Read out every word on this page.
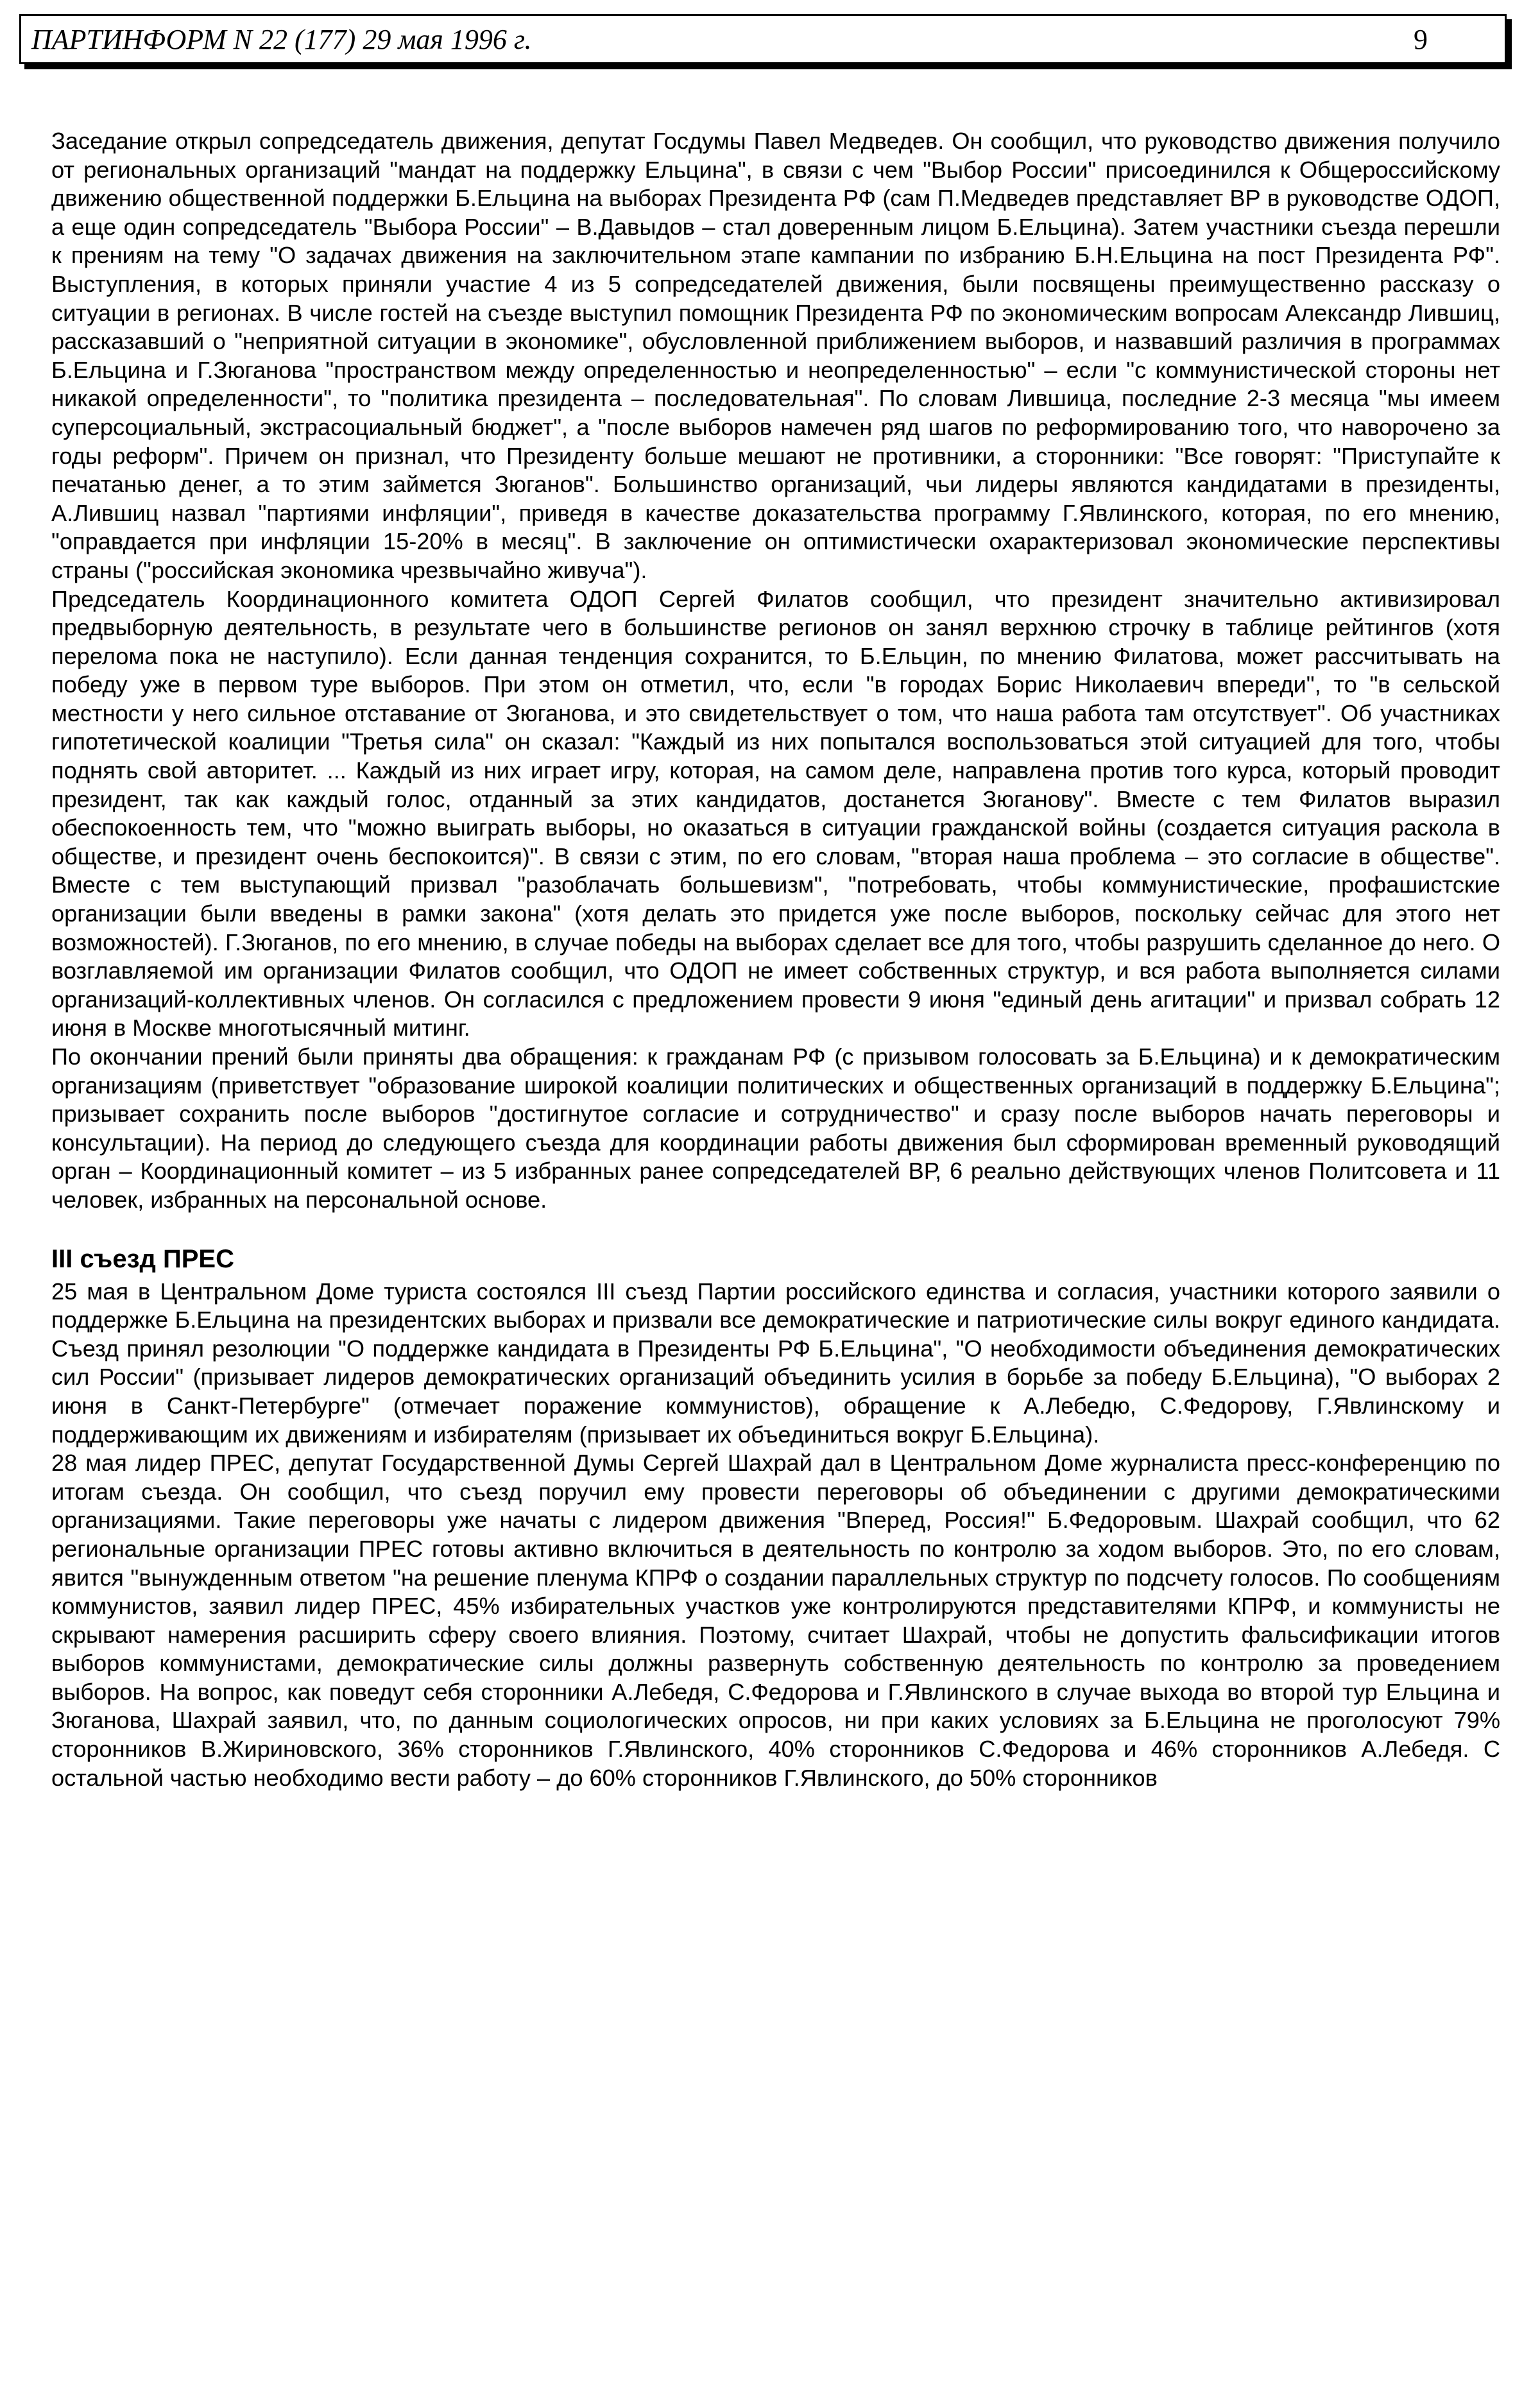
ПАРТИНФОРМ N 22 (177) 29 мая 1996 г.	9

Заседание открыл сопредседатель движения, депутат Госдумы Павел Медведев. Он сообщил, что руководство движения получило от региональных организаций "мандат на поддержку Ельцина", в связи с чем "Выбор России" присоединился к Общероссийскому движению общественной поддержки Б.Ельцина на выборах Президента РФ (сам П.Медведев представляет ВР в руководстве ОДОП, а еще один сопредседатель "Выбора России" – В.Давыдов – стал доверенным лицом Б.Ельцина). Затем участники съезда перешли к прениям на тему "О задачах движения на заключительном этапе кампании по избранию Б.Н.Ельцина на пост Президента РФ". Выступления, в которых приняли участие 4 из 5 сопредседателей движения, были посвящены преимущественно рассказу о ситуации в регионах. В числе гостей на съезде выступил помощник Президента РФ по экономическим вопросам Александр Лившиц, рассказавший о "неприятной ситуации в экономике", обусловленной приближением выборов, и назвавший различия в программах Б.Ельцина и Г.Зюганова "пространством между определенностью и неопределенностью" – если "с коммунистической стороны нет никакой определенности", то "политика президента – последовательная". По словам Лившица, последние 2-3 месяца "мы имеем суперсоциальный, экстрасоциальный бюджет", а "после выборов намечен ряд шагов по реформированию того, что наворочено за годы реформ". Причем он признал, что Президенту больше мешают не противники, а сторонники: "Все говорят: "Приступайте к печатанью денег, а то этим займется Зюганов". Большинство организаций, чьи лидеры являются кандидатами в президенты, А.Лившиц назвал "партиями инфляции", приведя в качестве доказательства программу Г.Явлинского, которая, по его мнению, "оправдается при инфляции 15-20% в месяц". В заключение он оптимистически охарактеризовал экономические перспективы страны ("российская экономика чрезвычайно живуча").

Председатель Координационного комитета ОДОП Сергей Филатов сообщил, что президент значительно активизировал предвыборную деятельность, в результате чего в большинстве регионов он занял верхнюю строчку в таблице рейтингов (хотя перелома пока не наступило). Если данная тенденция сохранится, то Б.Ельцин, по мнению Филатова, может рассчитывать на победу уже в первом туре выборов. При этом он отметил, что, если "в городах Борис Николаевич впереди", то "в сельской местности у него сильное отставание от Зюганова, и это свидетельствует о том, что наша работа там отсутствует". Об участниках гипотетической коалиции "Третья сила" он сказал: "Каждый из них попытался воспользоваться этой ситуацией для того, чтобы поднять свой авторитет. ... Каждый из них играет игру, которая, на самом деле, направлена против того курса, который проводит президент, так как каждый голос, отданный за этих кандидатов, достанется Зюганову". Вместе с тем Филатов выразил обеспокоенность тем, что "можно выиграть выборы, но оказаться в ситуации гражданской войны (создается ситуация раскола в обществе, и президент очень беспокоится)". В связи с этим, по его словам, "вторая наша проблема – это согласие в обществе". Вместе с тем выступающий призвал "разоблачать большевизм", "потребовать, чтобы коммунистические, профашистские организации были введены в рамки закона" (хотя делать это придется уже после выборов, поскольку сейчас для этого нет возможностей). Г.Зюганов, по его мнению, в случае победы на выборах сделает все для того, чтобы разрушить сделанное до него. О возглавляемой им организации Филатов сообщил, что ОДОП не имеет собственных структур, и вся работа выполняется силами организаций-коллективных членов. Он согласился с предложением провести 9 июня "единый день агитации" и призвал собрать 12 июня в Москве многотысячный митинг.

По окончании прений были приняты два обращения: к гражданам РФ (с призывом голосовать за Б.Ельцина) и к демократическим организациям (приветствует "образование широкой коалиции политических и общественных организаций в поддержку Б.Ельцина"; призывает сохранить после выборов "достигнутое согласие и сотрудничество" и сразу после выборов начать переговоры и консультации). На период до следующего съезда для координации работы движения был сформирован временный руководящий орган – Координационный комитет – из 5 избранных ранее сопредседателей ВР, 6 реально действующих членов Политсовета и 11 человек, избранных на персональной основе.

III съезд ПРЕС

25 мая в Центральном Доме туриста состоялся III съезд Партии российского единства и согласия, участники которого заявили о поддержке Б.Ельцина на президентских выборах и призвали все демократические и патриотические силы вокруг единого кандидата. Съезд принял резолюции "О поддержке кандидата в Президенты РФ Б.Ельцина", "О необходимости объединения демократических сил России" (призывает лидеров демократических организаций объединить усилия в борьбе за победу Б.Ельцина), "О выборах 2 июня в Санкт-Петербурге" (отмечает поражение коммунистов), обращение к А.Лебедю, С.Федорову, Г.Явлинскому и поддерживающим их движениям и избирателям (призывает их объединиться вокруг Б.Ельцина).

28 мая лидер ПРЕС, депутат Государственной Думы Сергей Шахрай дал в Центральном Доме журналиста пресс-конференцию по итогам съезда. Он сообщил, что съезд поручил ему провести переговоры об объединении с другими демократическими организациями. Такие переговоры уже начаты с лидером движения "Вперед, Россия!" Б.Федоровым. Шахрай сообщил, что 62 региональные организации ПРЕС готовы активно включиться в деятельность по контролю за ходом выборов. Это, по его словам, явится "вынужденным ответом "на решение пленума КПРФ о создании параллельных структур по подсчету голосов. По сообщениям коммунистов, заявил лидер ПРЕС, 45% избирательных участков уже контролируются представителями КПРФ, и коммунисты не скрывают намерения расширить сферу своего влияния. Поэтому, считает Шахрай, чтобы не допустить фальсификации итогов выборов коммунистами, демократические силы должны развернуть собственную деятельность по контролю за проведением выборов. На вопрос, как поведут себя сторонники А.Лебедя, С.Федорова и Г.Явлинского в случае выхода во второй тур Ельцина и Зюганова, Шахрай заявил, что, по данным социологических опросов, ни при каких условиях за Б.Ельцина не проголосуют 79% сторонников В.Жириновского, 36% сторонников Г.Явлинского, 40% сторонников С.Федорова и 46% сторонников А.Лебедя. С остальной частью необходимо вести работу – до 60% сторонников Г.Явлинского, до 50% сторонников
